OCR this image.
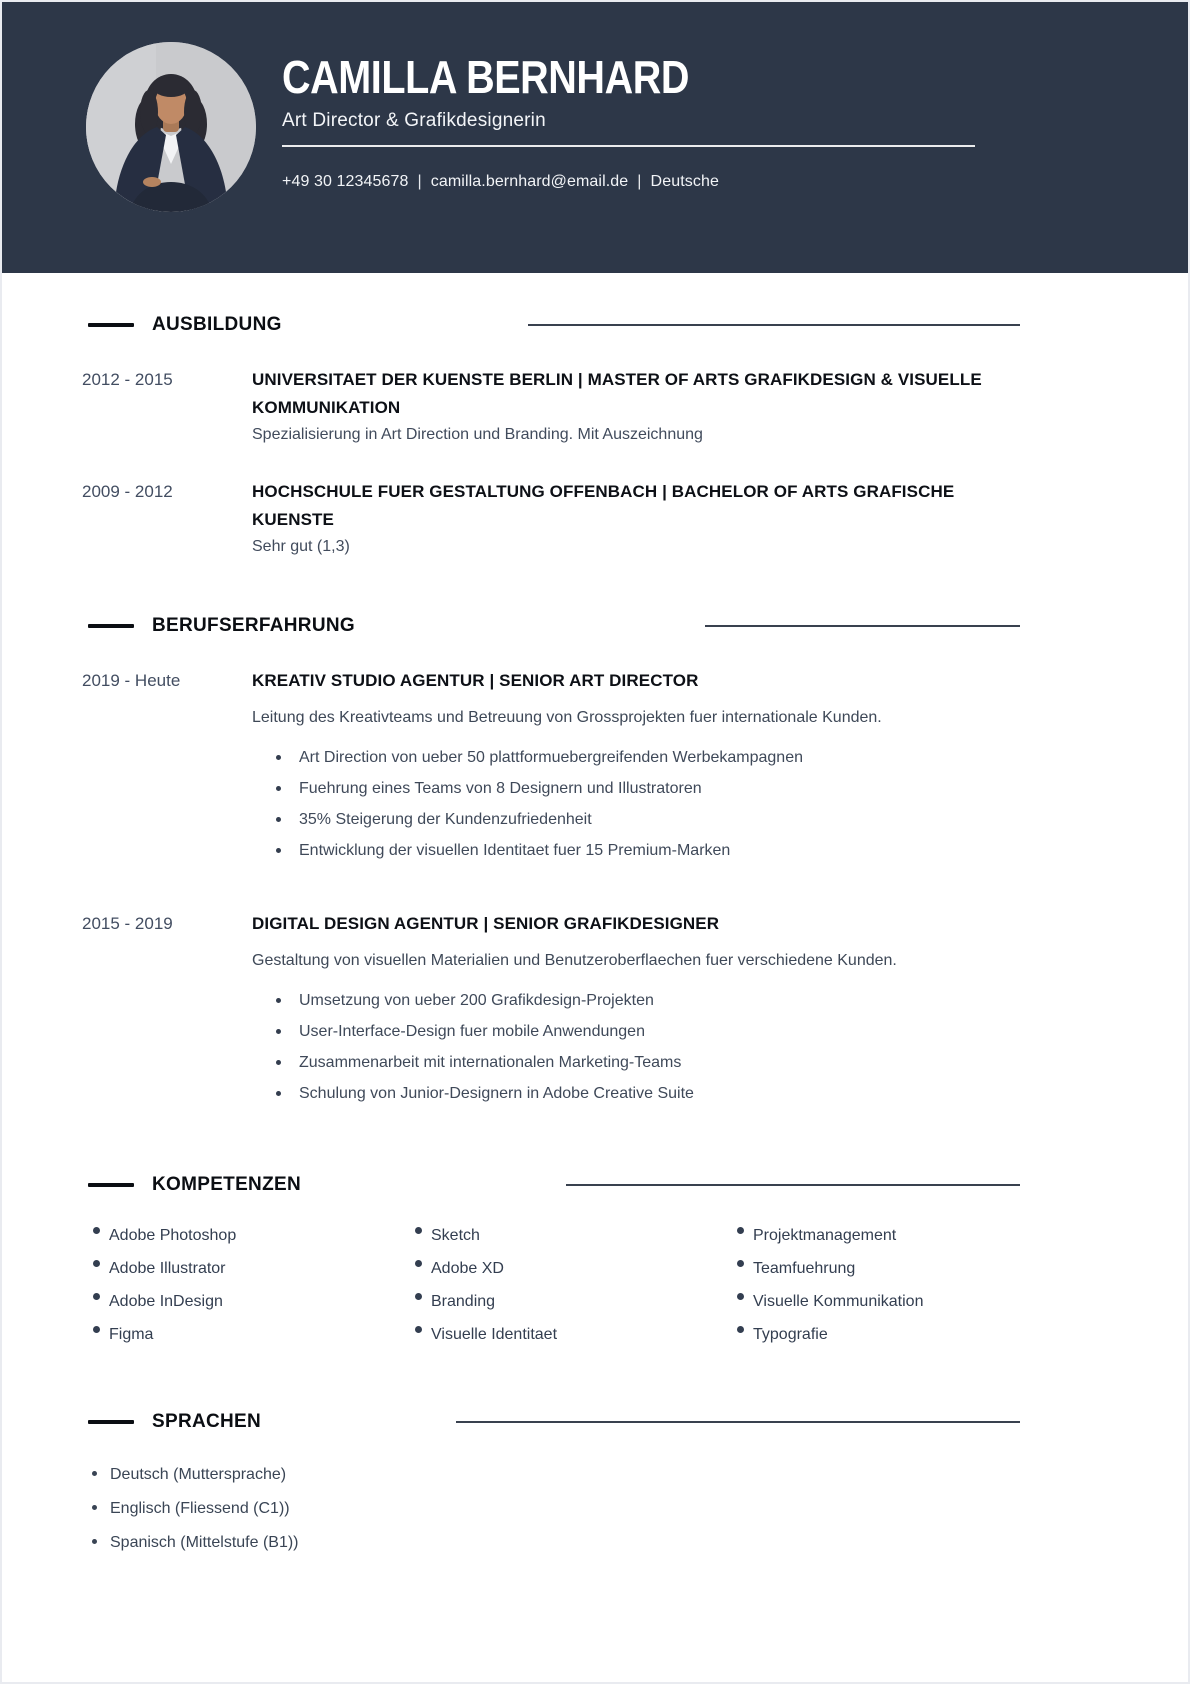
CAMILLA BERNHARD
Art Director & Grafikdesignerin
+49 30 12345678 | camilla.bernhard@email.de | Deutsche
AUSBILDUNG
2012 - 2015	UNIVERSITAET DER KUENSTE BERLIN | MASTER OF ARTS GRAFIKDESIGN & VISUELLE KOMMUNIKATION
Spezialisierung in Art Direction und Branding. Mit Auszeichnung
2009 - 2012	HOCHSCHULE FUER GESTALTUNG OFFENBACH | BACHELOR OF ARTS GRAFISCHE KUENSTE
Sehr gut (1,3)
BERUFSERFAHRUNG
2019 - Heute	KREATIV STUDIO AGENTUR | SENIOR ART DIRECTOR
Leitung des Kreativteams und Betreuung von Grossprojekten fuer internationale Kunden.
Art Direction von ueber 50 plattformuebergreifenden Werbekampagnen
Fuehrung eines Teams von 8 Designern und Illustratoren
35% Steigerung der Kundenzufriedenheit
Entwicklung der visuellen Identitaet fuer 15 Premium-Marken
2015 - 2019	DIGITAL DESIGN AGENTUR | SENIOR GRAFIKDESIGNER
Gestaltung von visuellen Materialien und Benutzeroberflaechen fuer verschiedene Kunden.
Umsetzung von ueber 200 Grafikdesign-Projekten
User-Interface-Design fuer mobile Anwendungen
Zusammenarbeit mit internationalen Marketing-Teams
Schulung von Junior-Designern in Adobe Creative Suite
KOMPETENZEN
Adobe Photoshop
Adobe Illustrator
Adobe InDesign
Figma
Sketch
Adobe XD
Branding
Visuelle Identitaet
Projektmanagement
Teamfuehrung
Visuelle Kommunikation
Typografie
SPRACHEN
Deutsch (Muttersprache)
Englisch (Fliessend (C1))
Spanisch (Mittelstufe (B1))
